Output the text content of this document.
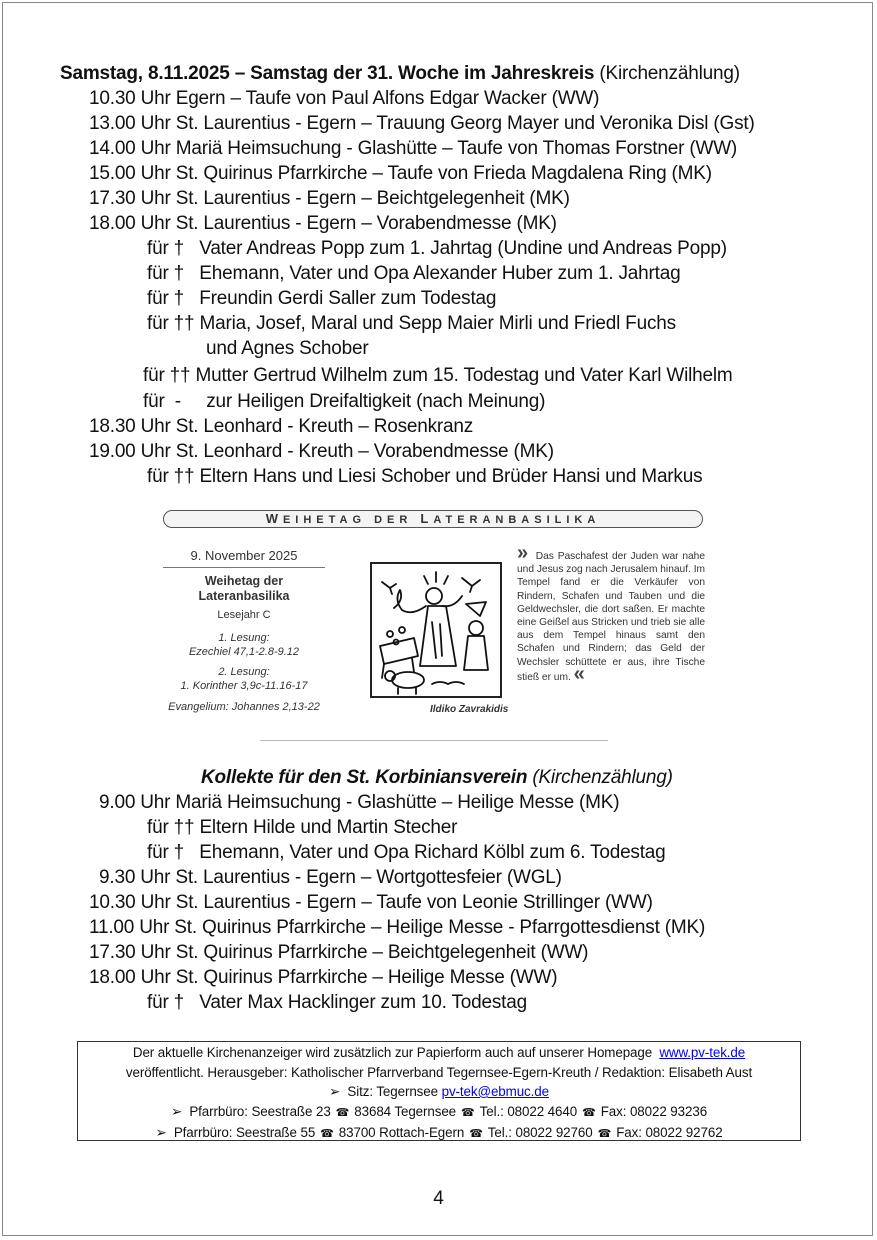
Samstag, 8.11.2025 – Samstag der 31. Woche im Jahreskreis (Kirchenzählung)
10.30 Uhr Egern – Taufe von Paul Alfons Edgar Wacker (WW)
13.00 Uhr St. Laurentius - Egern – Trauung Georg Mayer und Veronika Disl (Gst)
14.00 Uhr Mariä Heimsuchung - Glashütte – Taufe von Thomas Forstner (WW)
15.00 Uhr St. Quirinus Pfarrkirche – Taufe von Frieda Magdalena Ring (MK)
17.30 Uhr St. Laurentius - Egern – Beichtgelegenheit (MK)
18.00 Uhr St. Laurentius - Egern – Vorabendmesse (MK)
für †   Vater Andreas Popp zum 1. Jahrtag (Undine und Andreas Popp)
für †   Ehemann, Vater und Opa Alexander Huber zum 1. Jahrtag
für †   Freundin Gerdi Saller zum Todestag
für †† Maria, Josef, Maral und Sepp Maier Mirli und Friedl Fuchs
und Agnes Schober
für †† Mutter Gertrud Wilhelm zum 15. Todestag und Vater Karl Wilhelm
für  -     zur Heiligen Dreifaltigkeit (nach Meinung)
18.30 Uhr St. Leonhard - Kreuth – Rosenkranz
19.00 Uhr St. Leonhard - Kreuth – Vorabendmesse (MK)
für †† Eltern Hans und Liesi Schober und Brüder Hansi und Markus
WEIHETAG DER LATERANBASILIKA
9. November 2025
Weihetag der Lateranbasilika
Lesejahr C
1. Lesung:
Ezechiel 47,1-2.8-9.12
2. Lesung:
1. Korinther 3,9c-11.16-17
Evangelium: Johannes 2,13-22	Ildiko Zavrakidis
» Das Paschafest der Juden war nahe und Jesus zog nach Jerusalem hinauf. Im Tempel fand er die Verkäufer von Rindern, Schafen und Tauben und die Geldwechsler, die dort saßen. Er machte eine Geißel aus Stricken und trieb sie alle aus dem Tempel hinaus samt den Schafen und Rindern; das Geld der Wechsler schüttete er aus, ihre Tische stieß er um. «
Kollekte für den St. Korbiniansverein (Kirchenzählung)
9.00 Uhr Mariä Heimsuchung - Glashütte – Heilige Messe (MK)
für †† Eltern Hilde und Martin Stecher
für †   Ehemann, Vater und Opa Richard Kölbl zum 6. Todestag
9.30 Uhr St. Laurentius - Egern – Wortgottesfeier (WGL)
10.30 Uhr St. Laurentius - Egern – Taufe von Leonie Strillinger (WW)
11.00 Uhr St. Quirinus Pfarrkirche – Heilige Messe - Pfarrgottesdienst (MK)
17.30 Uhr St. Quirinus Pfarrkirche – Beichtgelegenheit (WW)
18.00 Uhr St. Quirinus Pfarrkirche – Heilige Messe (WW)
für †   Vater Max Hacklinger zum 10. Todestag
Der aktuelle Kirchenanzeiger wird zusätzlich zur Papierform auch auf unserer Homepage www.pv-tek.de
veröffentlicht. Herausgeber: Katholischer Pfarrverband Tegernsee-Egern-Kreuth / Redaktion: Elisabeth Aust
➢ Sitz: Tegernsee pv-tek@ebmuc.de
➢ Pfarrbüro: Seestraße 23 ☎ 83684 Tegernsee ☎ Tel.: 08022 4640 ☎ Fax: 08022 93236
➢ Pfarrbüro: Seestraße 55 ☎ 83700 Rottach-Egern ☎ Tel.: 08022 92760 ☎ Fax: 08022 92762
4
